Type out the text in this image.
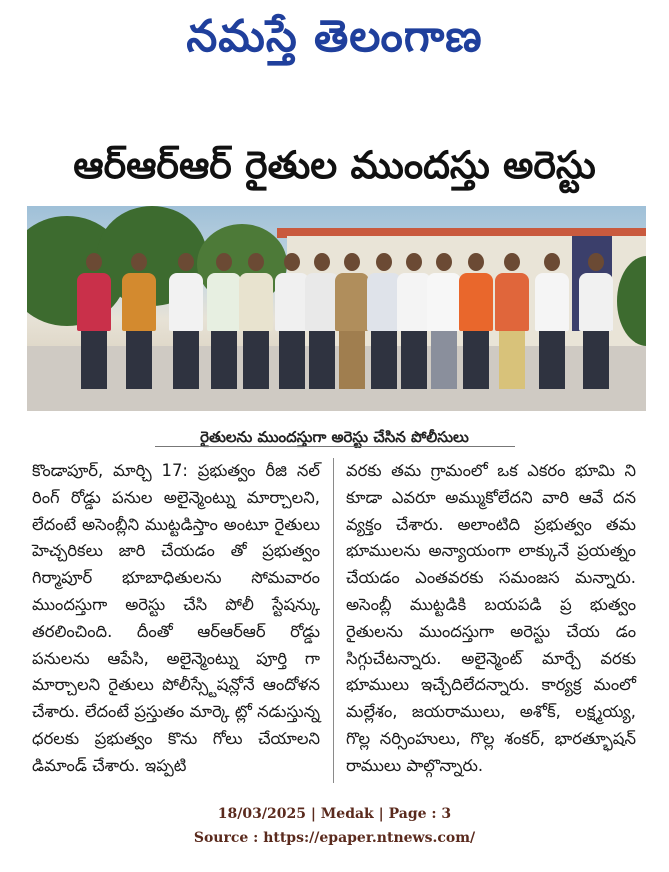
నమస్తే తెలంగాణ
ఆర్ఆర్ఆర్ రైతుల ముందస్తు అరెస్టు
రైతులను ముందస్తుగా అరెస్టు చేసిన పోలీసులు
కొండాపూర్, మార్చి 17: ప్రభుత్వం రీజి నల్ రింగ్ రోడ్డు పనుల అలైన్మెంట్ను మార్చాలని, లేదంటే అసెంబ్లీని ముట్టడిస్తాం అంటూ రైతులు హెచ్చరికలు జారి చేయడం తో ప్రభుత్వం గిర్మాపూర్ భూబాధితులను సోమవారం ముందస్తుగా అరెస్టు చేసి పోలీ స్టేషన్కు తరలించింది. దీంతో ఆర్ఆర్ఆర్ రోడ్డు పనులను ఆపేసి, అలైన్మెంట్ను పూర్తి గా మార్చాలని రైతులు పోలీస్స్టేషన్లోనే ఆందోళన చేశారు. లేదంటే ప్రస్తుతం మార్కె ట్లో నడుస్తున్న ధరలకు ప్రభుత్వం కొను గోలు చేయాలని డిమాండ్ చేశారు. ఇప్పటి
వరకు తమ గ్రామంలో ఒక ఎకరం భూమి ని కూడా ఎవరూ అమ్ముకోలేదని వారి ఆవే దన వ్యక్తం చేశారు. అలాంటిది ప్రభుత్వం తమ భూములను అన్యాయంగా లాక్కునే ప్రయత్నం చేయడం ఎంతవరకు సమంజస మన్నారు. అసెంబ్లీ ముట్టడికి బయపడి ప్ర భుత్వం రైతులను ముందస్తుగా అరెస్టు చేయ డం సిగ్గుచేటన్నారు. అలైన్మెంట్ మార్చే వరకు భూములు ఇచ్చేదిలేదన్నారు. కార్యక్ర మంలో మల్లేశం, జయరాములు, అశోక్, లక్ష్మయ్య, గొల్ల నర్సింహులు, గొల్ల శంకర్, భారత్భూషన్ రాములు పాల్గొన్నారు.
18/03/2025 | Medak | Page : 3
Source : https://epaper.ntnews.com/
